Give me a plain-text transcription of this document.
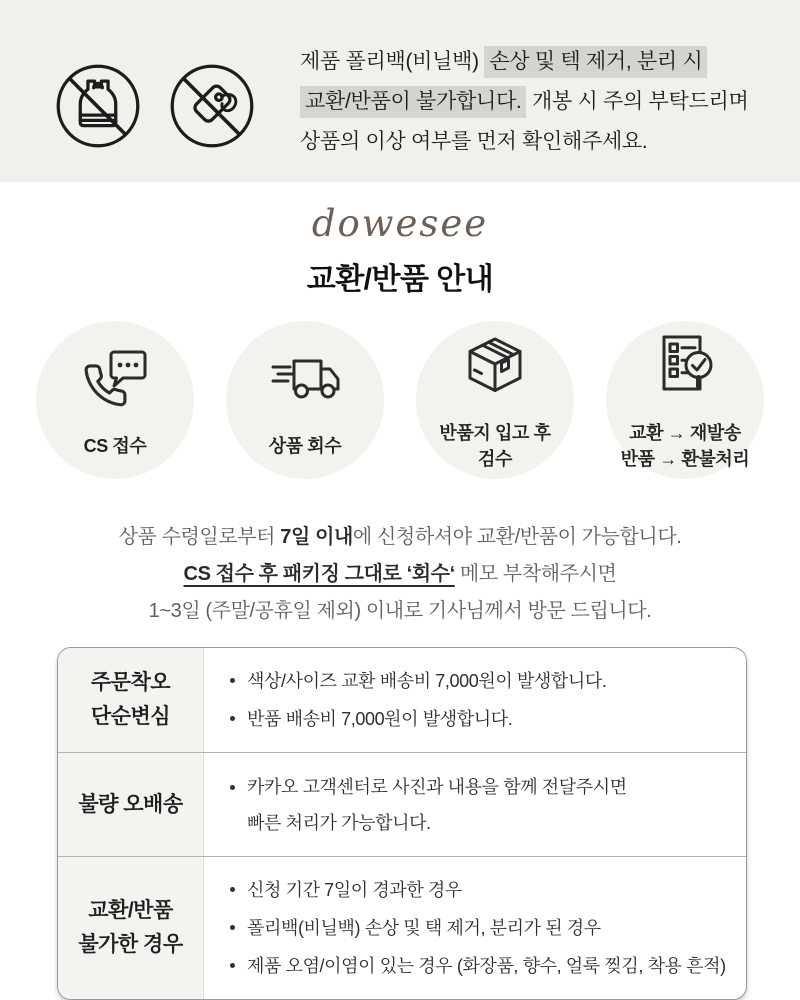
제품 폴리백(비닐백) 손상 및 텍 제거, 분리 시
교환/반품이 불가합니다. 개봉 시 주의 부탁드리며
상품의 이상 여부를 먼저 확인해주세요.
dowesee
교환/반품 안내
CS 접수	상품 회수
반품지 입고 후
검수
교환 → 재발송
반품 → 환불처리
상품 수령일로부터 7일 이내에 신청하셔야 교환/반품이 가능합니다.
CS 접수 후 패키징 그대로 ‘회수‘ 메모 부착해주시면
1~3일 (주말/공휴일 제외) 이내로 기사님께서 방문 드립니다.
주문착오
단순변심
색상/사이즈 교환 배송비 7,000원이 발생합니다.
반품 배송비 7,000원이 발생합니다.
불량 오배송
카카오 고객센터로 사진과 내용을 함께 전달주시면
빠른 처리가 가능합니다.
교환/반품
불가한 경우
신청 기간 7일이 경과한 경우
폴리백(비닐백) 손상 및 택 제거, 분리가 된 경우
제품 오염/이염이 있는 경우 (화장품, 향수, 얼룩 찢김, 착용 흔적)
